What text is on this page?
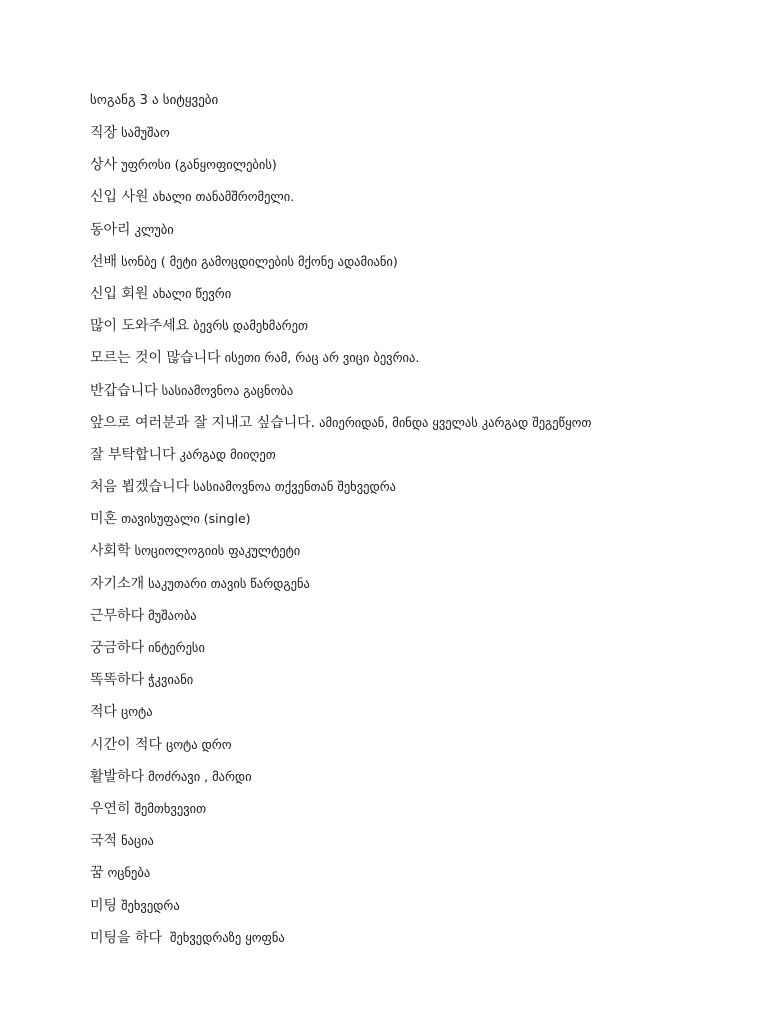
სოგანგ 3 ა სიტყვები
직장 სამუშაო
상사 უფროსი (განყოფილების)
신입 사원 ახალი თანამშრომელი.
동아리 კლუბი
선배 სონბე ( მეტი გამოცდილების მქონე ადამიანი)
신입 회원 ახალი წევრი
많이 도와주세요 ბევრს დამეხმარეთ
모르는 것이 많습니다 ისეთი რამ, რაც არ ვიცი ბევრია.
반갑습니다 სასიამოვნოა გაცნობა
앞으로 여러분과 잘 지내고 싶습니다. ამიერიდან, მინდა ყველას კარგად შეგეწყოთ
잘 부탁합니다 კარგად მიიღეთ
처음 뵙겠습니다 სასიამოვნოა თქვენთან შეხვედრა
미혼 თავისუფალი (single)
사회학 სოციოლოგიის ფაკულტეტი
자기소개 საკუთარი თავის წარდგენა
근무하다 მუშაობა
궁금하다 ინტერესი
똑똑하다 ჭკვიანი
적다 ცოტა
시간이 적다 ცოტა დრო
활발하다 მოძრავი , მარდი
우연히 შემთხვევით
국적 ნაცია
꿈 ოცნება
미팅 შეხვედრა
미팅을 하다 შეხვედრაზე ყოფნა
